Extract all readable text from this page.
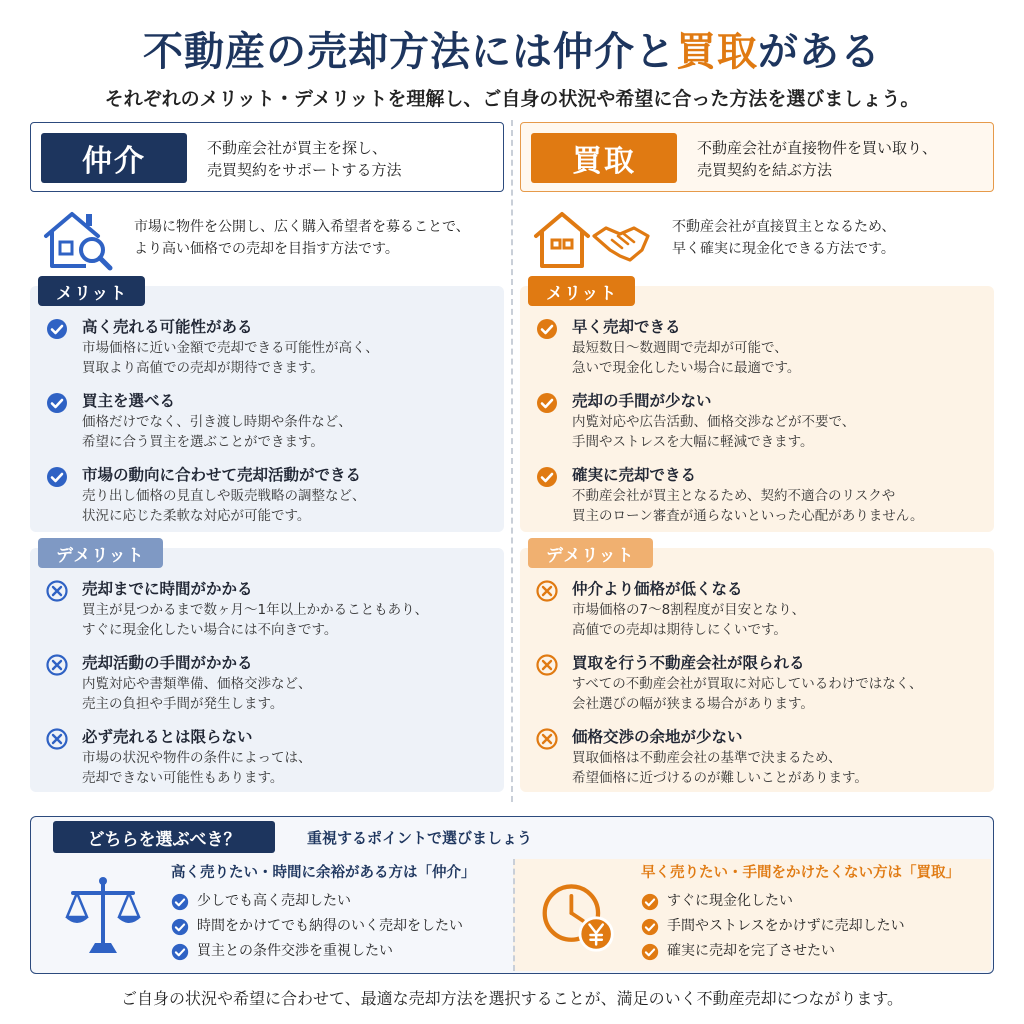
不動産の売却方法には仲介と買取がある
それぞれのメリット・デメリットを理解し、ご自身の状況や希望に合った方法を選びましょう。
仲介	不動産会社が買主を探し、
売買契約をサポートする方法
市場に物件を公開し、広く購入希望者を募ることで、
より高い価格での売却を目指す方法です。
メリット
高く売れる可能性がある
市場価格に近い金額で売却できる可能性が高く、
買取より高値での売却が期待できます。
買主を選べる
価格だけでなく、引き渡し時期や条件など、
希望に合う買主を選ぶことができます。
市場の動向に合わせて売却活動ができる
売り出し価格の見直しや販売戦略の調整など、
状況に応じた柔軟な対応が可能です。
デメリット
売却までに時間がかかる
買主が見つかるまで数ヶ月〜1年以上かかることもあり、
すぐに現金化したい場合には不向きです。
売却活動の手間がかかる
内覧対応や書類準備、価格交渉など、
売主の負担や手間が発生します。
必ず売れるとは限らない
市場の状況や物件の条件によっては、
売却できない可能性もあります。
買取	不動産会社が直接物件を買い取り、
売買契約を結ぶ方法
不動産会社が直接買主となるため、
早く確実に現金化できる方法です。
メリット
早く売却できる
最短数日〜数週間で売却が可能で、
急いで現金化したい場合に最適です。
売却の手間が少ない
内覧対応や広告活動、価格交渉などが不要で、
手間やストレスを大幅に軽減できます。
確実に売却できる
不動産会社が買主となるため、契約不適合のリスクや
買主のローン審査が通らないといった心配がありません。
デメリット
仲介より価格が低くなる
市場価格の7〜8割程度が目安となり、
高値での売却は期待しにくいです。
買取を行う不動産会社が限られる
すべての不動産会社が買取に対応しているわけではなく、
会社選びの幅が狭まる場合があります。
価格交渉の余地が少ない
買取価格は不動産会社の基準で決まるため、
希望価格に近づけるのが難しいことがあります。
どちらを選ぶべき？	重視するポイントで選びましょう
高く売りたい・時間に余裕がある方は「仲介」
少しでも高く売却したい
時間をかけてでも納得のいく売却をしたい
買主との条件交渉を重視したい
早く売りたい・手間をかけたくない方は「買取」
すぐに現金化したい
手間やストレスをかけずに売却したい
確実に売却を完了させたい
ご自身の状況や希望に合わせて、最適な売却方法を選択することが、満足のいく不動産売却につながります。
